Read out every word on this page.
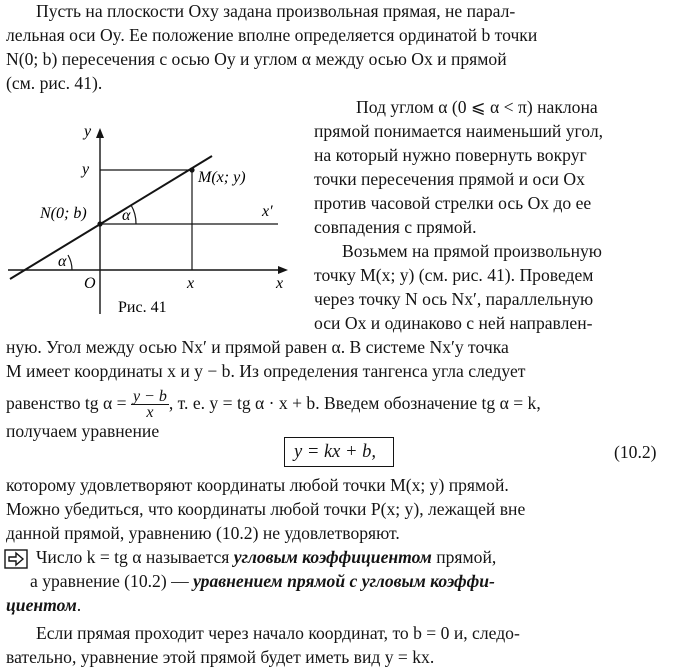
Пусть на плоскости Oxy задана произвольная прямая, не парал-
лельная оси Oy. Ее положение вполне определяется ординатой b точки
N(0; b) пересечения с осью Oy и углом α между осью Ox и прямой
(см. рис. 41).
y
y	M(x; y)
N(0; b) α	x′
α
O	x	x
Рис. 41
Под углом α (0 ⩽ α < π) наклона
прямой понимается наименьший угол,
на который нужно повернуть вокруг
точки пересечения прямой и оси Ox
против часовой стрелки ось Ox до ее
совпадения с прямой.
Возьмем на прямой произвольную
точку M(x; y) (см. рис. 41). Проведем
через точку N ось Nx′, параллельную
оси Ox и одинаково с ней направлен-
ную. Угол между осью Nx′ и прямой равен α. В системе Nx′y точка
M имеет координаты x и y − b. Из определения тангенса угла следует
равенство tg $\alpha = \frac{y - b}{x}$ , т. е. y = tg α · x + b. Введем обозначение tg α = k,
получаем уравнение
y = kx + b,	(10.2)
которому удовлетворяют координаты любой точки M(x; y) прямой.
Можно убедиться, что координаты любой точки P(x; y), лежащей вне
данной прямой, уравнению (10.2) не удовлетворяют.
Число k = tg α называется угловым коэффициентом прямой,
а уравнение (10.2) — уравнением прямой с угловым коэффи-
циентом.
Если прямая проходит через начало координат, то b = 0 и, следо-
вательно, уравнение этой прямой будет иметь вид y = kx.
